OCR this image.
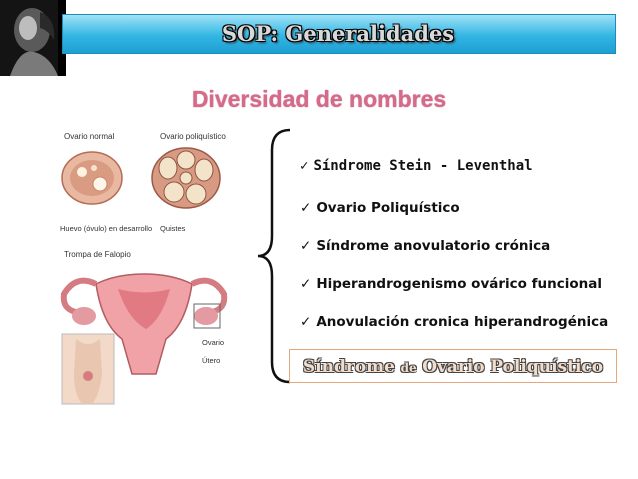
SOP: Generalidades
Diversidad de nombres
Ovario normal	Ovario poliquístico
Huevo (óvulo) en desarrollo Quistes
Trompa de Falopio
Ovario
Útero
✓ Síndrome Stein - Leventhal
✓ Ovario Poliquístico
✓ Síndrome anovulatorio crónica
✓ Hiperandrogenismo ovárico funcional
✓ Anovulación cronica hiperandrogénica
Síndrome de Ovario Poliquístico
